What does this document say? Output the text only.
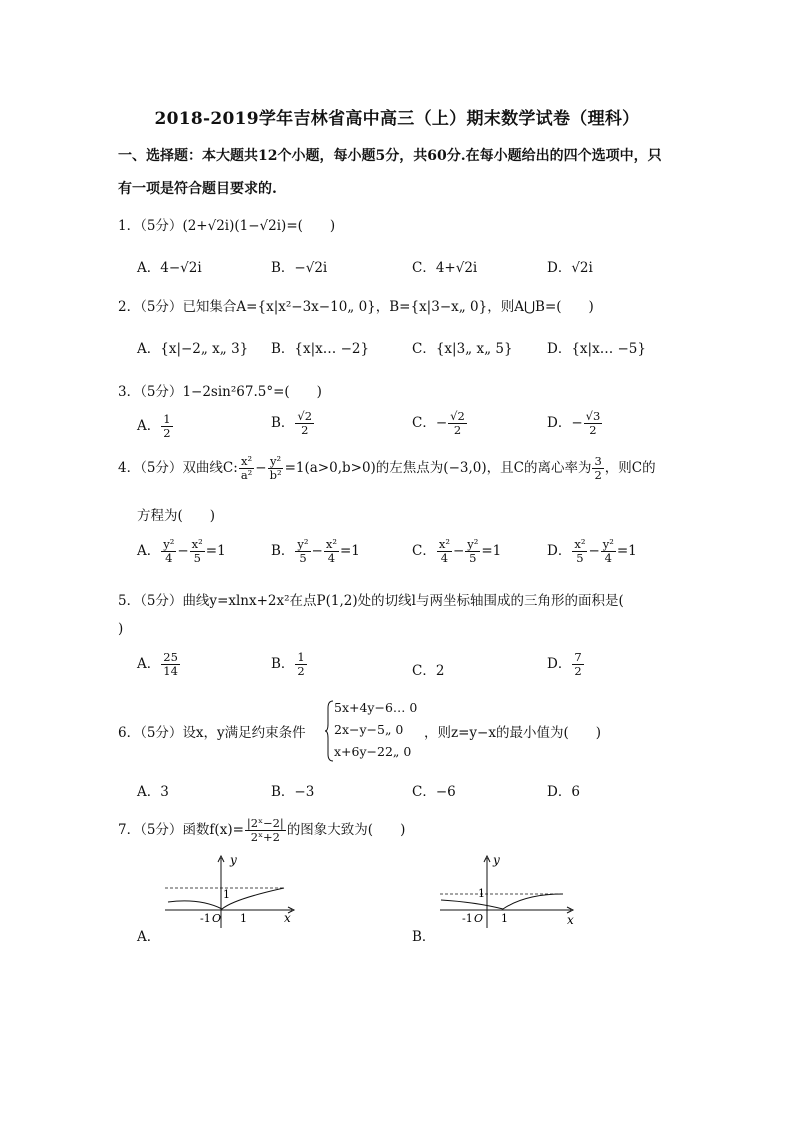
2018-2019学年吉林省高中高三（上）期末数学试卷（理科）
一、选择题：本大题共12个小题，每小题5分，共60分.在每小题给出的四个选项中，只
有一项是符合题目要求的.
1．（5分）(2+√2i)(1−√2i)=(　　)
A．4−√2i	B．−√2i	C．4+√2i	D．√2i
2．（5分）已知集合A={x|x²−3x−10„ 0}，B={x|3−x„ 0}，则A⋃B=(　　)
A．{x|−2„ x„ 3} B．{x|x… −2}	C．{x|3„ x„ 5}	D．{x|x… −5}
3．（5分）1−2sin²67.5°=(　　)
A． $\frac{1}{2}$	B． $\frac{√2}{2}$	C．− $\frac{√2}{2}$	D．− $\frac{√3}{2}$
4．（5分）双曲线C: $\frac{\text{x²}}{\text{a²}} - \frac{\text{y²}}{\text{b²}} =1(a>0,b>0)$的左焦点为(−3,0)，且C的离心率为 $\frac{3}{2}$ ，则C的
方程为(　　)
A． $\frac{\text{y²}}{4} - \frac{\text{x²}}{5} =1$	B． $\frac{\text{y²}}{5} - \frac{\text{x²}}{4} =1$	C． $\frac{\text{x²}}{4} - \frac{\text{y²}}{5} =1$	D． $\frac{\text{x²}}{5} - \frac{\text{y²}}{4} =1$
5．（5分）曲线y=xlnx+2x²在点P(1,2)处的切线l与两坐标轴围成的三角形的面积是(
)
A． $\frac{25}{14}$	B． $\frac{1}{2}$	C．2	D． $\frac{7}{2}$
6．（5分）设x，y满足约束条件
5x+4y−6… 0
2x−y−5„ 0
x+6y−22„ 0
，则z=y−x的最小值为(　　)
A．3	B．−3	C．−6	D．6
7．（5分）函数$f(x)= \frac{\text{|2ˣ−2|}}{\text{2ˣ+2}}$ 的图象大致为(　　)
y
1
-1 O 1	x
A．
y
1
-1 O 1	x
B．
